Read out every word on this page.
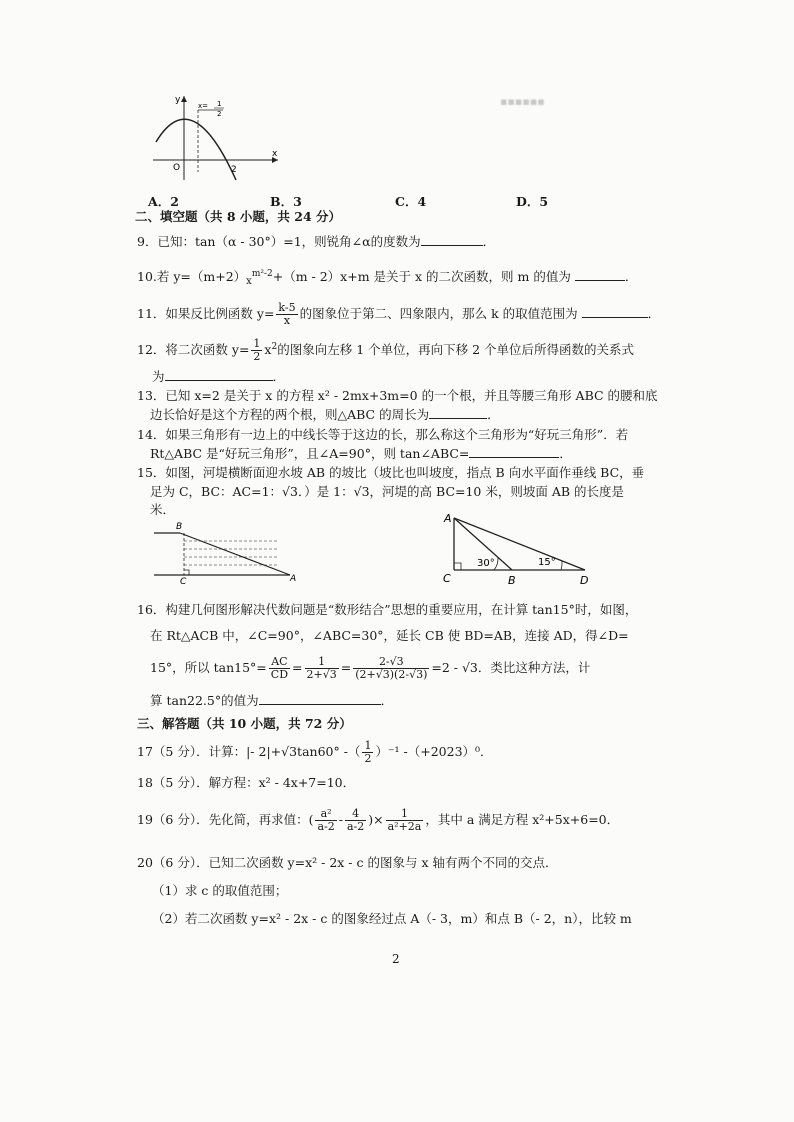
▪▪▪▪▪▪
y
x
O	2
x= 1
2
A．2	B．3	C．4	D．5
二、填空题（共 8 小题，共 24 分）
9．已知：tan（α - 30°）=1，则锐角∠α的度数为	．
10.若 $y=(m+2)_x^{m^2-2}+(m - 2)x+m$ 是关于 x 的二次函数，则 m 的值为	．
11．如果反比例函数 $y= \frac{k-5}{x}$ 的图象位于第二、四象限内，那么 k 的取值范围为	．
12．将二次函数 $y= \frac{1}{2} x^2$的图象向左移 1 个单位，再向下移 2 个单位后所得函数的关系式
为	．
13．已知 x=2 是关于 x 的方程 x² - 2mx+3m=0 的一个根，并且等腰三角形 ABC 的腰和底
边长恰好是这个方程的两个根，则△ABC 的周长为	．
14．如果三角形有一边上的中线长等于这边的长，那么称这个三角形为“好玩三角形”．若
Rt△ABC 是“好玩三角形”，且∠A=90°，则 tan∠ABC=	．
15．如图，河堤横断面迎水坡 AB 的坡比（坡比也叫坡度，指点 B 向水平面作垂线 BC，垂
足为 C，BC：AC=1：√3．）是 1：√3，河堤的高 BC=10 米，则坡面 AB 的长度是
米．
B
C	A
A
C	B	D
30°	15°
16．构建几何图形解决代数问题是“数形结合”思想的重要应用，在计算 tan15°时，如图，
在 Rt△ACB 中，∠C=90°，∠ABC=30°，延长 CB 使 BD=AB，连接 AD，得∠D=
15°，所以 $\tan 15^\circ= \frac{AC}{CD} = \frac{1}{2+√3} = \frac{2-√3}{(2+√3)(2-√3)} =2 - √3$．类比这种方法，计
算 tan22.5°的值为	．
三、解答题（共 10 小题，共 72 分）
17（5 分）．计算：|- 2|+√3tan60° -（ $\frac{1}{2} )^{-1}$ -（+2023）⁰．
18（5 分）．解方程：x² - 4x+7=10．
19（6 分）．先化简，再求值：( $\frac{\text{a²}}{a-2} - \frac{4}{a-2}$ )× $\frac{1}{\text{a²+2a}}$ ，其中 a 满足方程 x²+5x+6=0．
20（6 分）．已知二次函数 y=x² - 2x - c 的图象与 x 轴有两个不同的交点．
（1）求 c 的取值范围；
（2）若二次函数 y=x² - 2x - c 的图象经过点 A（- 3，m）和点 B（- 2，n），比较 m
2
